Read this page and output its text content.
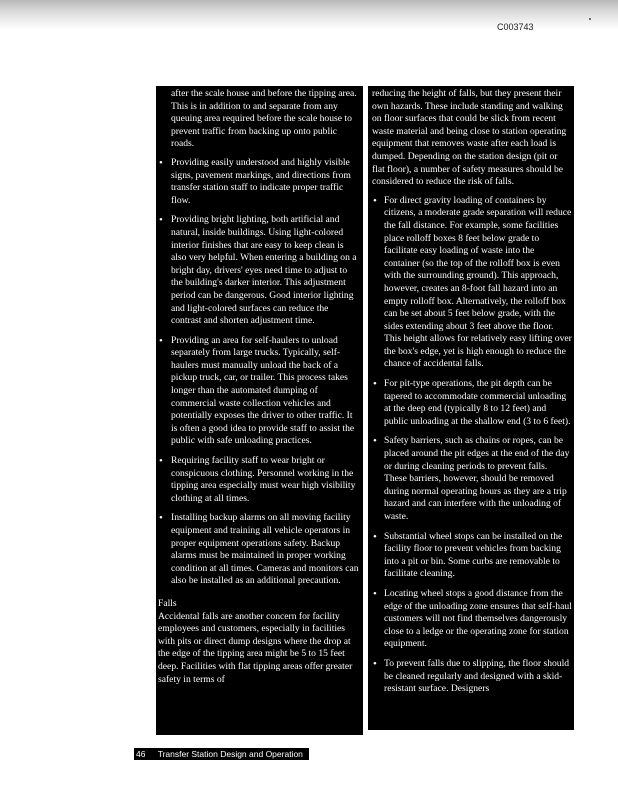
C003743

after the scale house and before the tipping area. This is in addition to and separate from any queuing area required before the scale house to prevent traffic from backing up onto public roads.

• Providing easily understood and highly visible signs, pavement markings, and directions from transfer station staff to indicate proper traffic flow.
• Providing bright lighting, both artificial and natural, inside buildings. Using light-colored interior finishes that are easy to keep clean is also very helpful. When entering a building on a bright day, drivers' eyes need time to adjust to the building's darker interior. This adjustment period can be dangerous. Good interior lighting and light-colored surfaces can reduce the contrast and shorten adjustment time.
• Providing an area for self-haulers to unload separately from large trucks. Typically, self-haulers must manually unload the back of a pickup truck, car, or trailer. This process takes longer than the automated dumping of commercial waste collection vehicles and potentially exposes the driver to other traffic. It is often a good idea to provide staff to assist the public with safe unloading practices.
• Requiring facility staff to wear bright or conspicuous clothing. Personnel working in the tipping area especially must wear high visibility clothing at all times.
• Installing backup alarms on all moving facility equipment and training all vehicle operators in proper equipment operations safety. Backup alarms must be maintained in proper working condition at all times. Cameras and monitors can also be installed as an additional precaution.
Falls

Accidental falls are another concern for facility employees and customers, especially in facilities with pits or direct dump designs where the drop at the edge of the tipping area might be 5 to 15 feet deep. Facilities with flat tipping areas offer greater safety in terms of

reducing the height of falls, but they present their own hazards. These include standing and walking on floor surfaces that could be slick from recent waste material and being close to station operating equipment that removes waste after each load is dumped. Depending on the station design (pit or flat floor), a number of safety measures should be considered to reduce the risk of falls.

• For direct gravity loading of containers by citizens, a moderate grade separation will reduce the fall distance. For example, some facilities place rolloff boxes 8 feet below grade to facilitate easy loading of waste into the container (so the top of the rolloff box is even with the surrounding ground). This approach, however, creates an 8-foot fall hazard into an empty rolloff box. Alternatively, the rolloff box can be set about 5 feet below grade, with the sides extending about 3 feet above the floor. This height allows for relatively easy lifting over the box's edge, yet is high enough to reduce the chance of accidental falls.
• For pit-type operations, the pit depth can be tapered to accommodate commercial unloading at the deep end (typically 8 to 12 feet) and public unloading at the shallow end (3 to 6 feet).
• Safety barriers, such as chains or ropes, can be placed around the pit edges at the end of the day or during cleaning periods to prevent falls. These barriers, however, should be removed during normal operating hours as they are a trip hazard and can interfere with the unloading of waste.
• Substantial wheel stops can be installed on the facility floor to prevent vehicles from backing into a pit or bin. Some curbs are removable to facilitate cleaning.
• Locating wheel stops a good distance from the edge of the unloading zone ensures that self-haul customers will not find themselves dangerously close to a ledge or the operating zone for station equipment.
• To prevent falls due to slipping, the floor should be cleaned regularly and designed with a skid-resistant surface. Designers
46 Transfer Station Design and Operation
